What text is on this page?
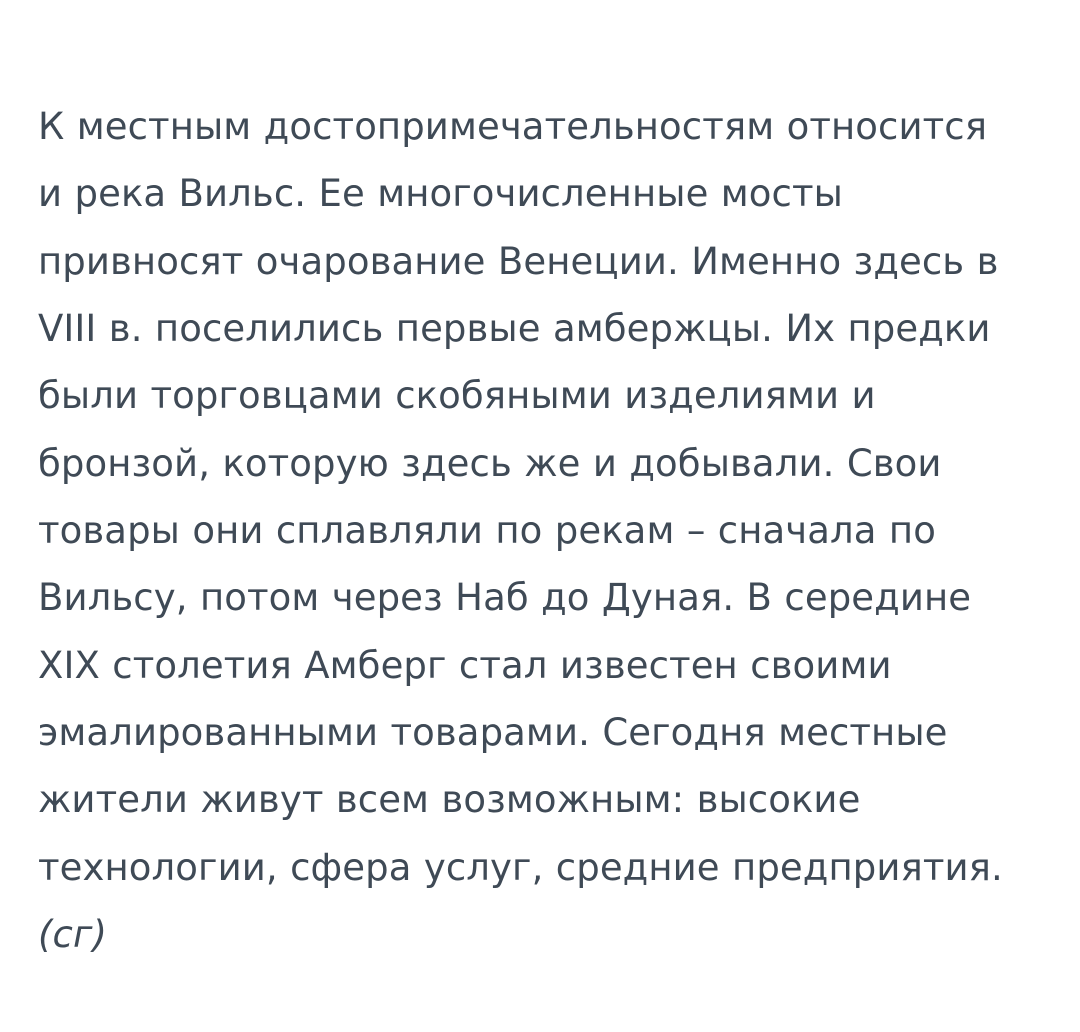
К местным достопримечательностям относится и река Вильс. Ее многочисленные мосты привносят очарование Венеции. Именно здесь в VIII в. поселились первые амбержцы. Их предки были торговцами скобяными изделиями и бронзой, которую здесь же и добывали. Свои товары они сплавляли по рекам – сначала по Вильсу, потом через Наб до Дуная. В середине XIX столетия Амберг стал известен своими эмалированными товарами. Сегодня местные жители живут всем возможным: высокие технологии, сфера услуг, средние предприятия. (сг)
